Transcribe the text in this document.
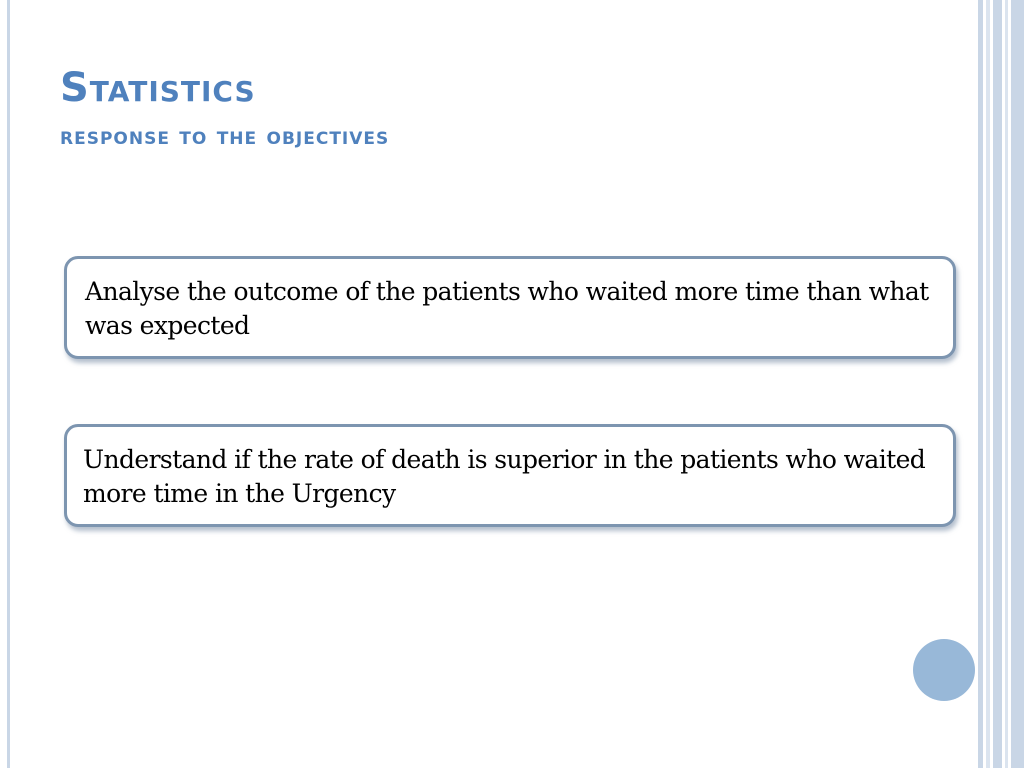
Statistics
response to the objectives
Analyse the outcome of the patients who waited more time than what was expected
Understand if the rate of death is superior in the patients who waited more time in the Urgency
